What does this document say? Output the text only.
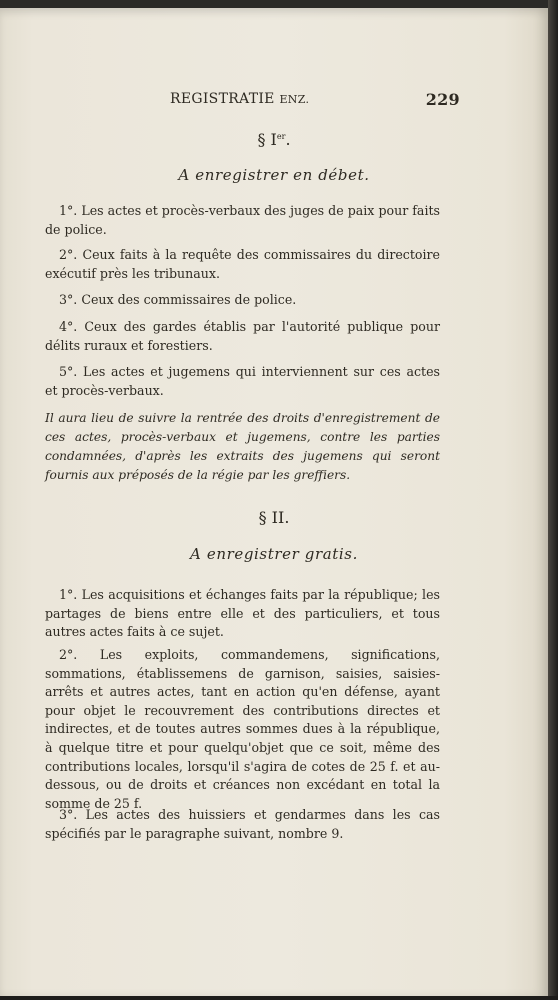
REGISTRATIE ENZ.	229
§ Ier.
A enregistrer en débet.
1°. Les actes et procès-verbaux des juges de paix pour faits de police.
2°. Ceux faits à la requête des commissaires du directoire exécutif près les tribunaux.
3°. Ceux des commissaires de police.
4°. Ceux des gardes établis par l'autorité publique pour délits ruraux et forestiers.
5°. Les actes et jugemens qui interviennent sur ces actes et procès-verbaux.
Il aura lieu de suivre la rentrée des droits d'enregistrement de ces actes, procès-verbaux et jugemens, contre les parties condamnées, d'après les extraits des jugemens qui seront fournis aux préposés de la régie par les greffiers.
§ II.
A enregistrer gratis.
1°. Les acquisitions et échanges faits par la république; les partages de biens entre elle et des particuliers, et tous autres actes faits à ce sujet.
2°. Les exploits, commandemens, significations, sommations, établissemens de garnison, saisies, saisies-arrêts et autres actes, tant en action qu'en défense, ayant pour objet le recouvrement des contributions directes et indirectes, et de toutes autres sommes dues à la république, à quelque titre et pour quelqu'objet que ce soit, même des contributions locales, lorsqu'il s'agira de cotes de 25 f. et au-dessous, ou de droits et créances non excédant en total la somme de 25 f.
3°. Les actes des huissiers et gendarmes dans les cas spécifiés par le paragraphe suivant, nombre 9.
